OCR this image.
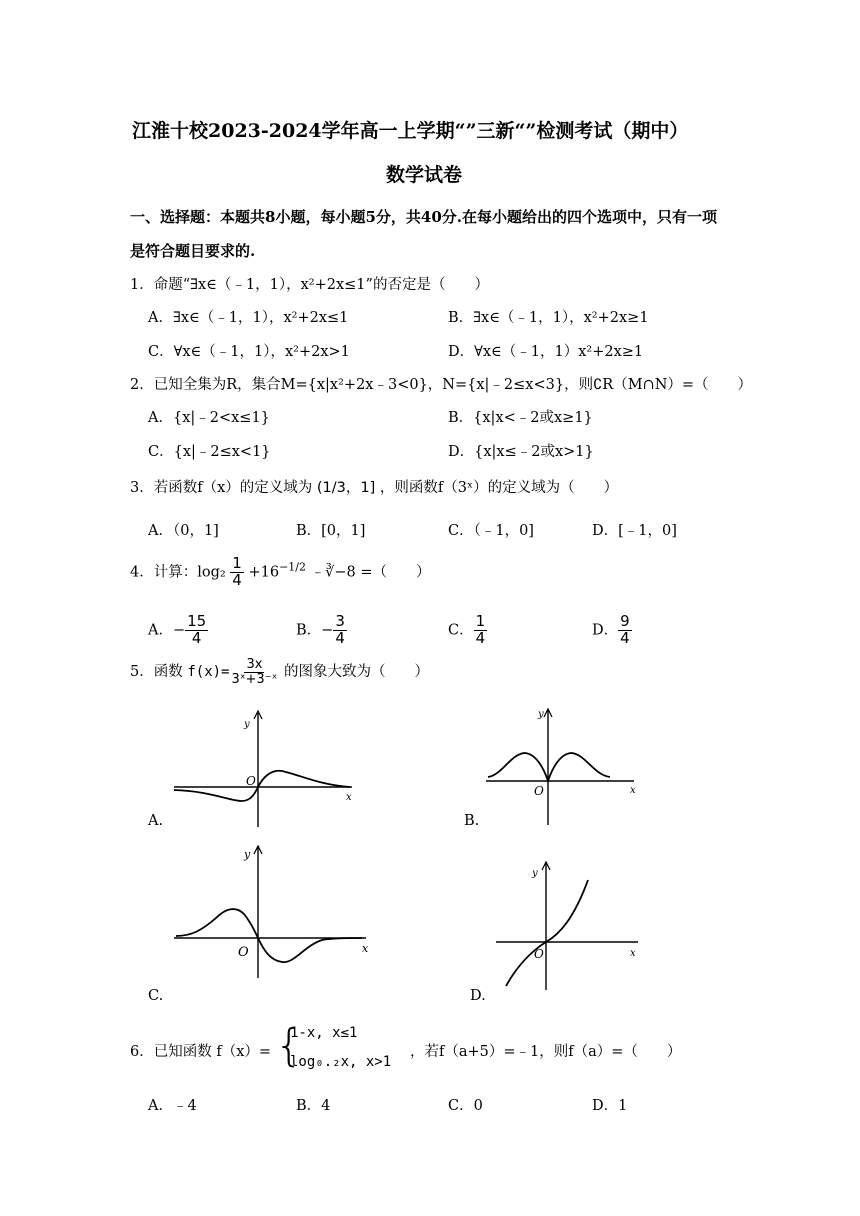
江淮十校2023-2024学年高一上学期“”三新“”检测考试（期中）
数学试卷
一、选择题：本题共8小题，每小题5分，共40分.在每小题给出的四个选项中，只有一项
是符合题目要求的.
1．命题“∃x∈（﹣1，1），x²+2x≤1”的否定是（　　）
A．∃x∈（﹣1，1），x²+2x≤1	B．∃x∈（﹣1，1），x²+2x≥1
C．∀x∈（﹣1，1），x²+2x>1	D．∀x∈（﹣1，1）x²+2x≥1
2．已知全集为R，集合M={x|x²+2x﹣3<0}，N={x|﹣2≤x<3}，则∁R（M∩N）=（　　）
A．{x|﹣2<x≤1}	B．{x|x<﹣2或x≥1}
C．{x|﹣2≤x<1}	D．{x|x≤﹣2或x>1}
3．若函数f（x）的定义域为 (1/3，1] ，则函数f（3ˣ）的定义域为（　　）
A．（0，1]	B．[0，1]	C．（﹣1，0]	D．[﹣1，0]
4．计算：$\log_2 \frac{1}{4} +16^{-1/2}$ ﹣∛−8 =（　　）
A．− $\frac{15}{4}$	B．− $\frac{3}{4}$	C． $\frac{1}{4}$	D． $\frac{9}{4}$
5．函数 $f(x)= \frac{3x}{\text{3ˣ+3⁻ˣ}}$ 的图象大致为（　　）
y
x
O
A.
y
x
O
B.
y
x
O
C.
y
x
O
D.
6．已知函数 f（x）= {
1-x, x≤1
log₀.₂x, x>1
，若f（a+5）=﹣1，则f（a）=（　　）
A．﹣4	B．4	C．0	D．1
